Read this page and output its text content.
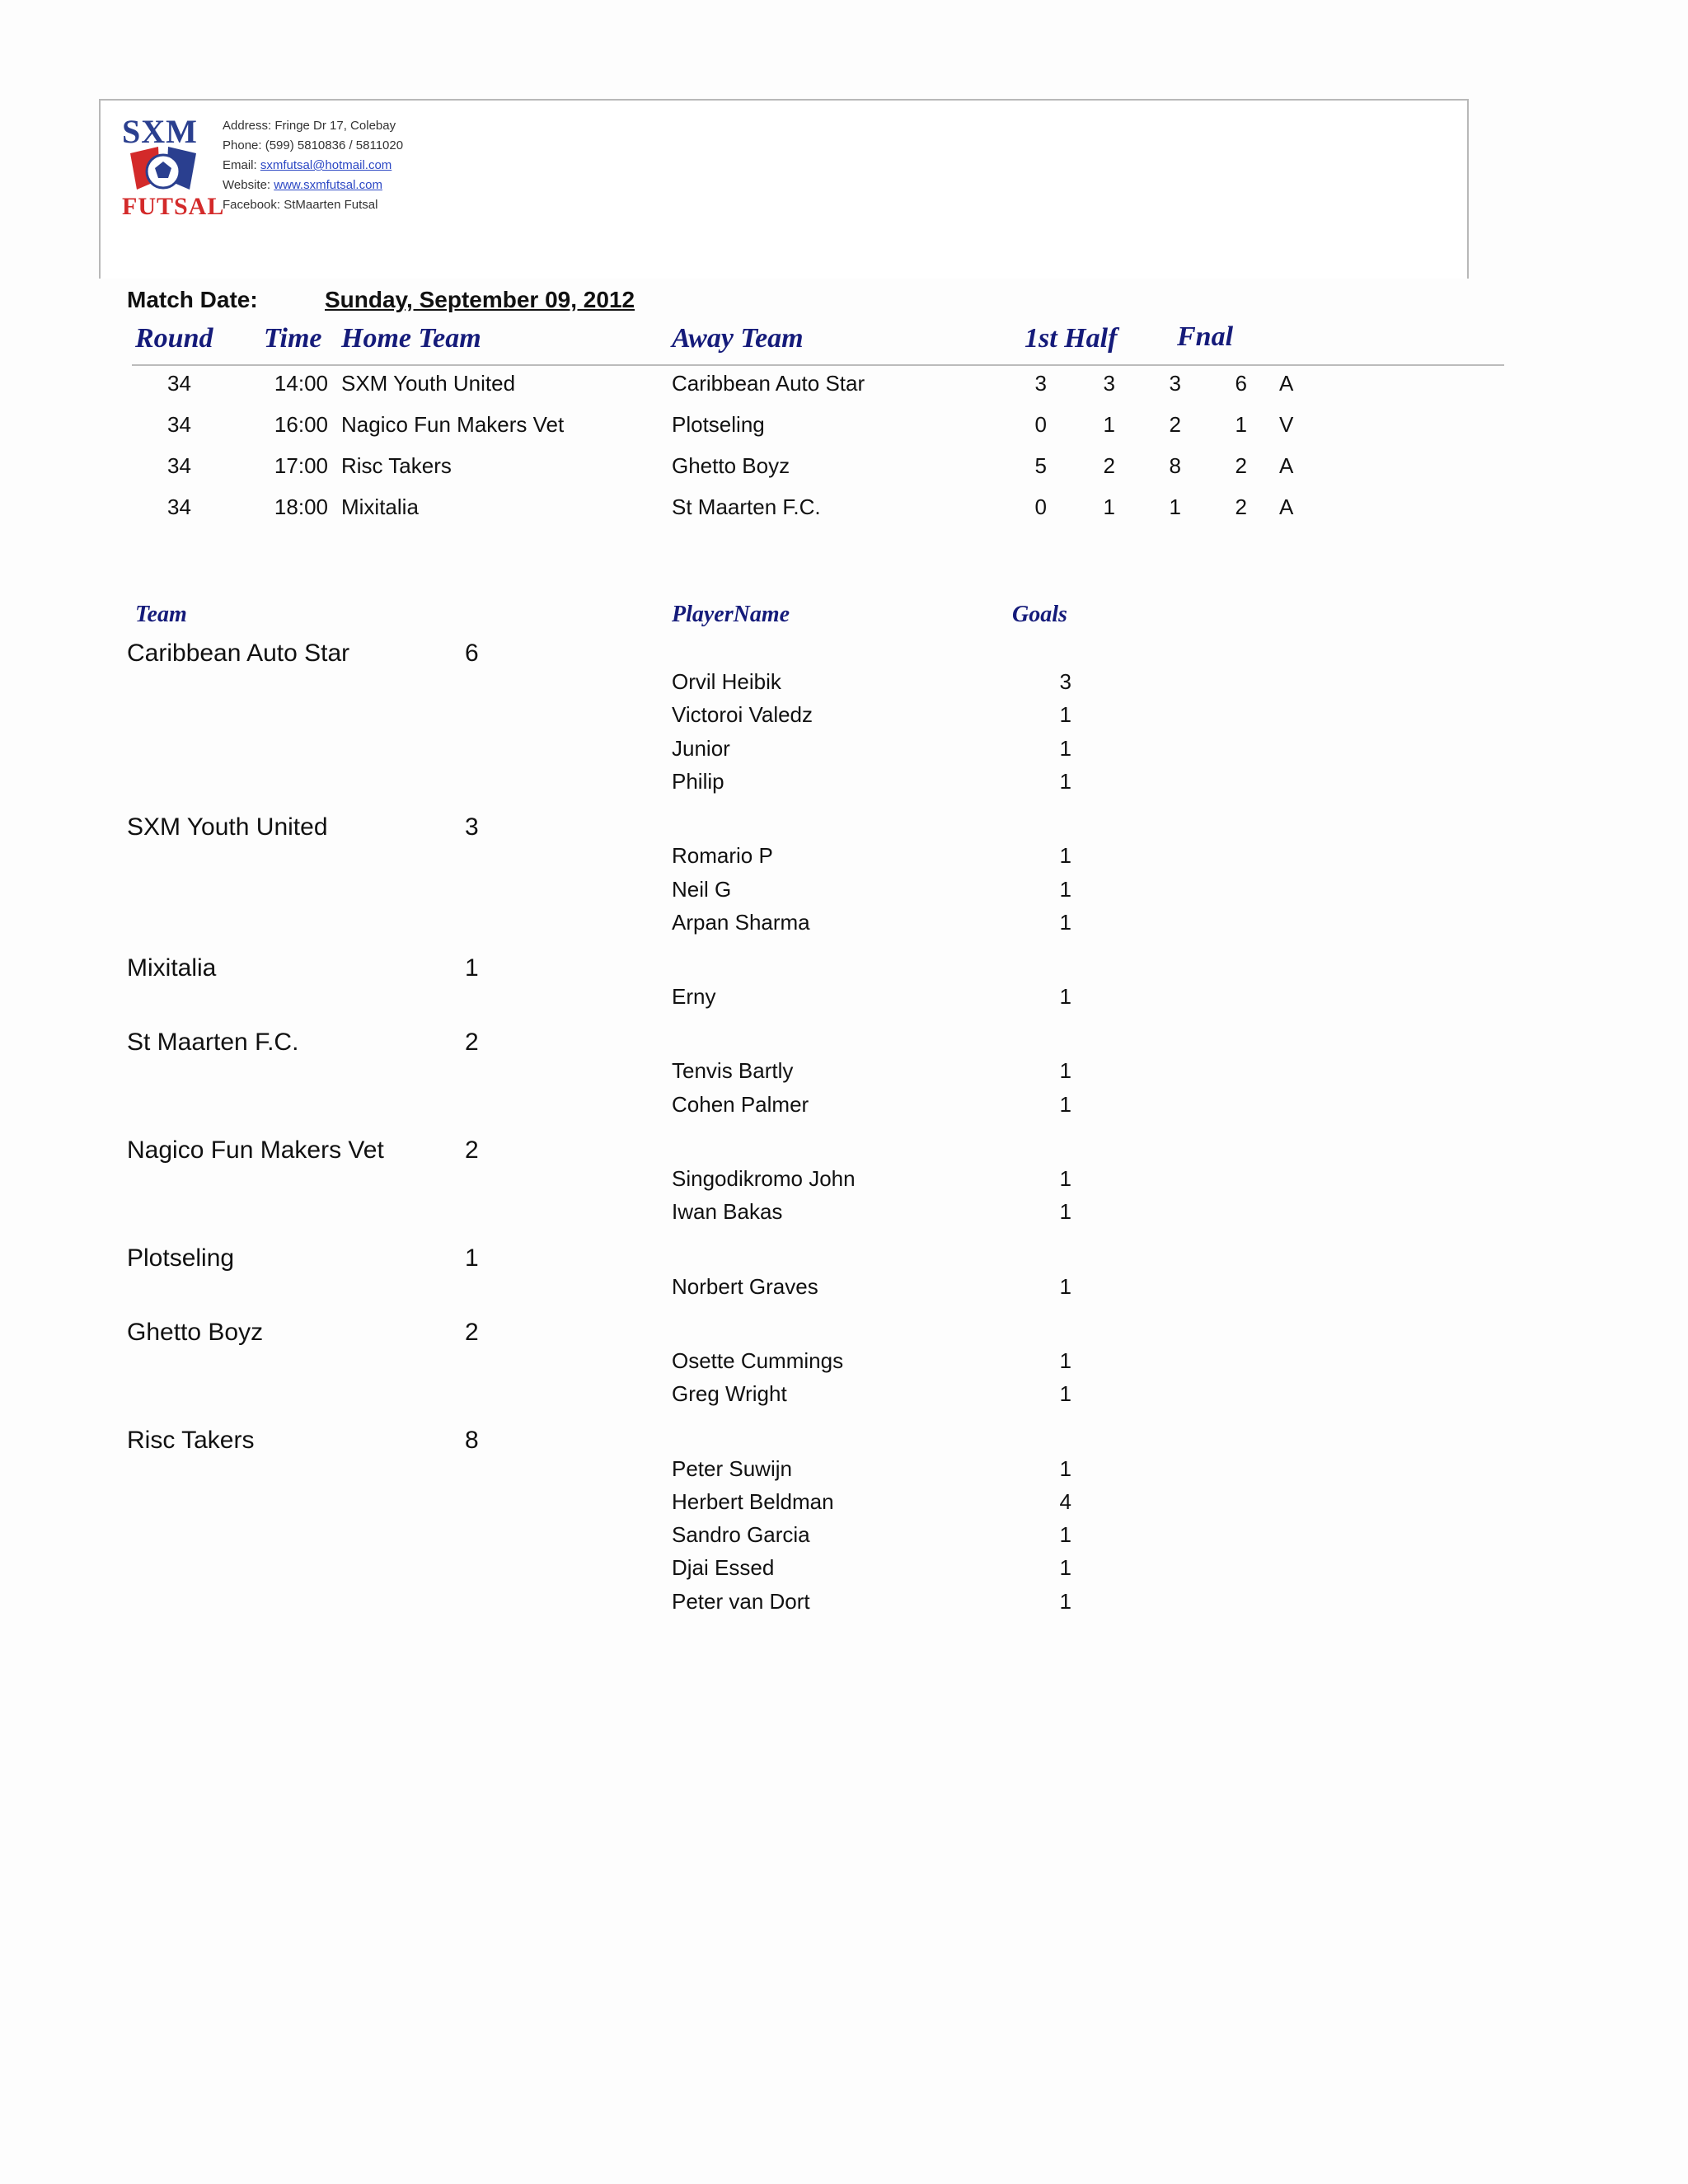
SXM
FUTSAL
Address: Fringe Dr 17, Colebay
Phone: (599) 5810836 / 5811020
Email: sxmfutsal@hotmail.com
Website: www.sxmfutsal.com
Facebook: StMaarten Futsal
Match Date:	Sunday, September 09, 2012
Round Time Home Team	Away Team	1st Half Fnal
34	14:00 SXM Youth United	Caribbean Auto Star	3	3	3	6 A
34	16:00 Nagico Fun Makers Vet	Plotseling	0	1	2	1 V
34	17:00 Risc Takers	Ghetto Boyz	5	2	8	2 A
34	18:00 Mixitalia	St Maarten F.C.	0	1	1	2 A
Team	PlayerName	Goals
Caribbean Auto Star	6
Orvil Heibik	3
Victoroi Valedz	1
Junior	1
Philip	1
SXM Youth United	3
Romario P	1
Neil G	1
Arpan Sharma	1
Mixitalia	1
Erny	1
St Maarten F.C.	2
Tenvis Bartly	1
Cohen Palmer	1
Nagico Fun Makers Vet	2
Singodikromo John	1
Iwan Bakas	1
Plotseling	1
Norbert Graves	1
Ghetto Boyz	2
Osette Cummings	1
Greg Wright	1
Risc Takers	8
Peter Suwijn	1
Herbert Beldman	4
Sandro Garcia	1
Djai Essed	1
Peter van Dort	1
